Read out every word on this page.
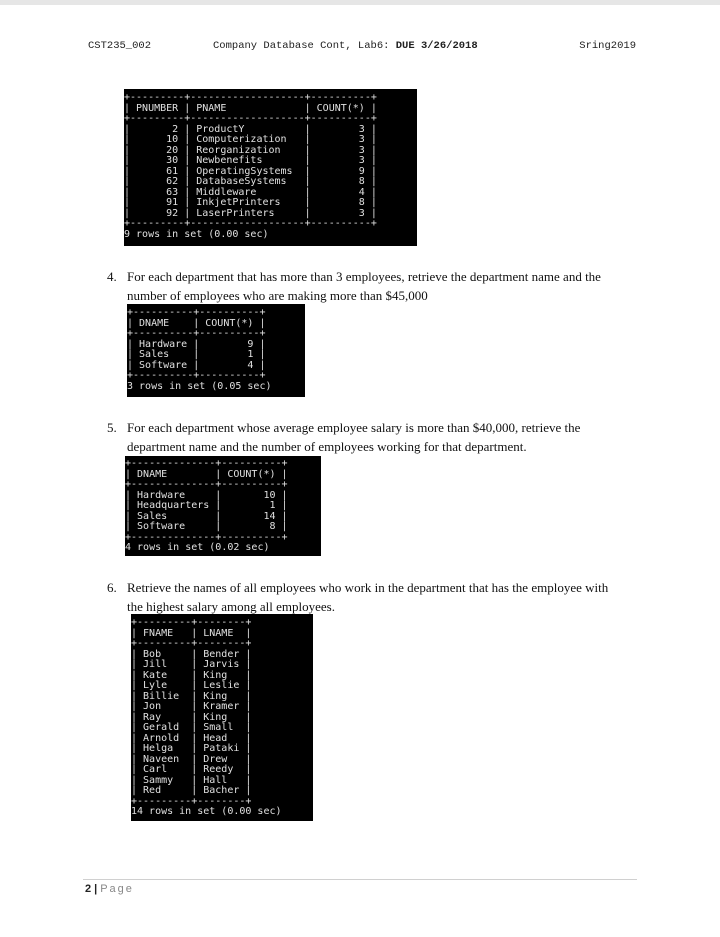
CST235_002	Company Database Cont, Lab6: DUE 3/26/2018	Sring2019
+---------+-------------------+----------+
| PNUMBER | PNAME             | COUNT(*) |
+---------+-------------------+----------+
|       2 | ProductY          |        3 |
|      10 | Computerization   |        3 |
|      20 | Reorganization    |        3 |
|      30 | Newbenefits       |        3 |
|      61 | OperatingSystems  |        9 |
|      62 | DatabaseSystems   |        8 |
|      63 | Middleware        |        4 |
|      91 | InkjetPrinters    |        8 |
|      92 | LaserPrinters     |        3 |
+---------+-------------------+----------+
9 rows in set (0.00 sec)
4. For each department that has more than 3 employees, retrieve the department name and the number of employees who are making more than $45,000
+----------+----------+
| DNAME    | COUNT(*) |
+----------+----------+
| Hardware |        9 |
| Sales    |        1 |
| Software |        4 |
+----------+----------+
3 rows in set (0.05 sec)
5. For each department whose average employee salary is more than $40,000, retrieve the department name and the number of employees working for that department.
+--------------+----------+
| DNAME        | COUNT(*) |
+--------------+----------+
| Hardware     |       10 |
| Headquarters |        1 |
| Sales        |       14 |
| Software     |        8 |
+--------------+----------+
4 rows in set (0.02 sec)
6. Retrieve the names of all employees who work in the department that has the employee with the highest salary among all employees.
+---------+--------+
| FNAME   | LNAME  |
+---------+--------+
| Bob     | Bender |
| Jill    | Jarvis |
| Kate    | King   |
| Lyle    | Leslie |
| Billie  | King   |
| Jon     | Kramer |
| Ray     | King   |
| Gerald  | Small  |
| Arnold  | Head   |
| Helga   | Pataki |
| Naveen  | Drew   |
| Carl    | Reedy  |
| Sammy   | Hall   |
| Red     | Bacher |
+---------+--------+
14 rows in set (0.00 sec)
2 | Page
